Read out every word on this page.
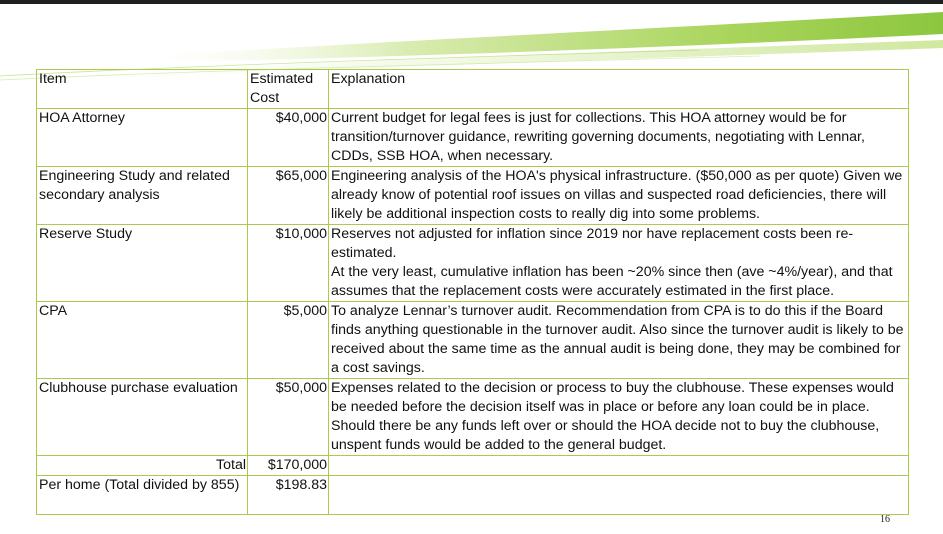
Item	Estimated Cost	Explanation
HOA Attorney	$40,000	Current budget for legal fees is just for collections. This HOA attorney would be for transition/turnover guidance, rewriting governing documents, negotiating with Lennar, CDDs, SSB HOA, when necessary.
Engineering Study and related secondary analysis	$65,000	Engineering analysis of the HOA's physical infrastructure. ($50,000 as per quote) Given we already know of potential roof issues on villas and suspected road deficiencies, there will likely be additional inspection costs to really dig into some problems.
Reserve Study	$10,000	Reserves not adjusted for inflation since 2019 nor have replacement costs been re-estimated.
At the very least, cumulative inflation has been ~20% since then (ave ~4%/year), and that assumes that the replacement costs were accurately estimated in the first place.

CPA	$5,000	To analyze Lennar’s turnover audit. Recommendation from CPA is to do this if the Board finds anything questionable in the turnover audit. Also since the turnover audit is likely to be received about the same time as the annual audit is being done, they may be combined for a cost savings.
Clubhouse purchase evaluation	$50,000	Expenses related to the decision or process to buy the clubhouse. These expenses would be needed before the decision itself was in place or before any loan could be in place. Should there be any funds left over or should the HOA decide not to buy the clubhouse, unspent funds would be added to the general budget.
Total	$170,000	
Per home (Total divided by 855)	$198.83	
16
